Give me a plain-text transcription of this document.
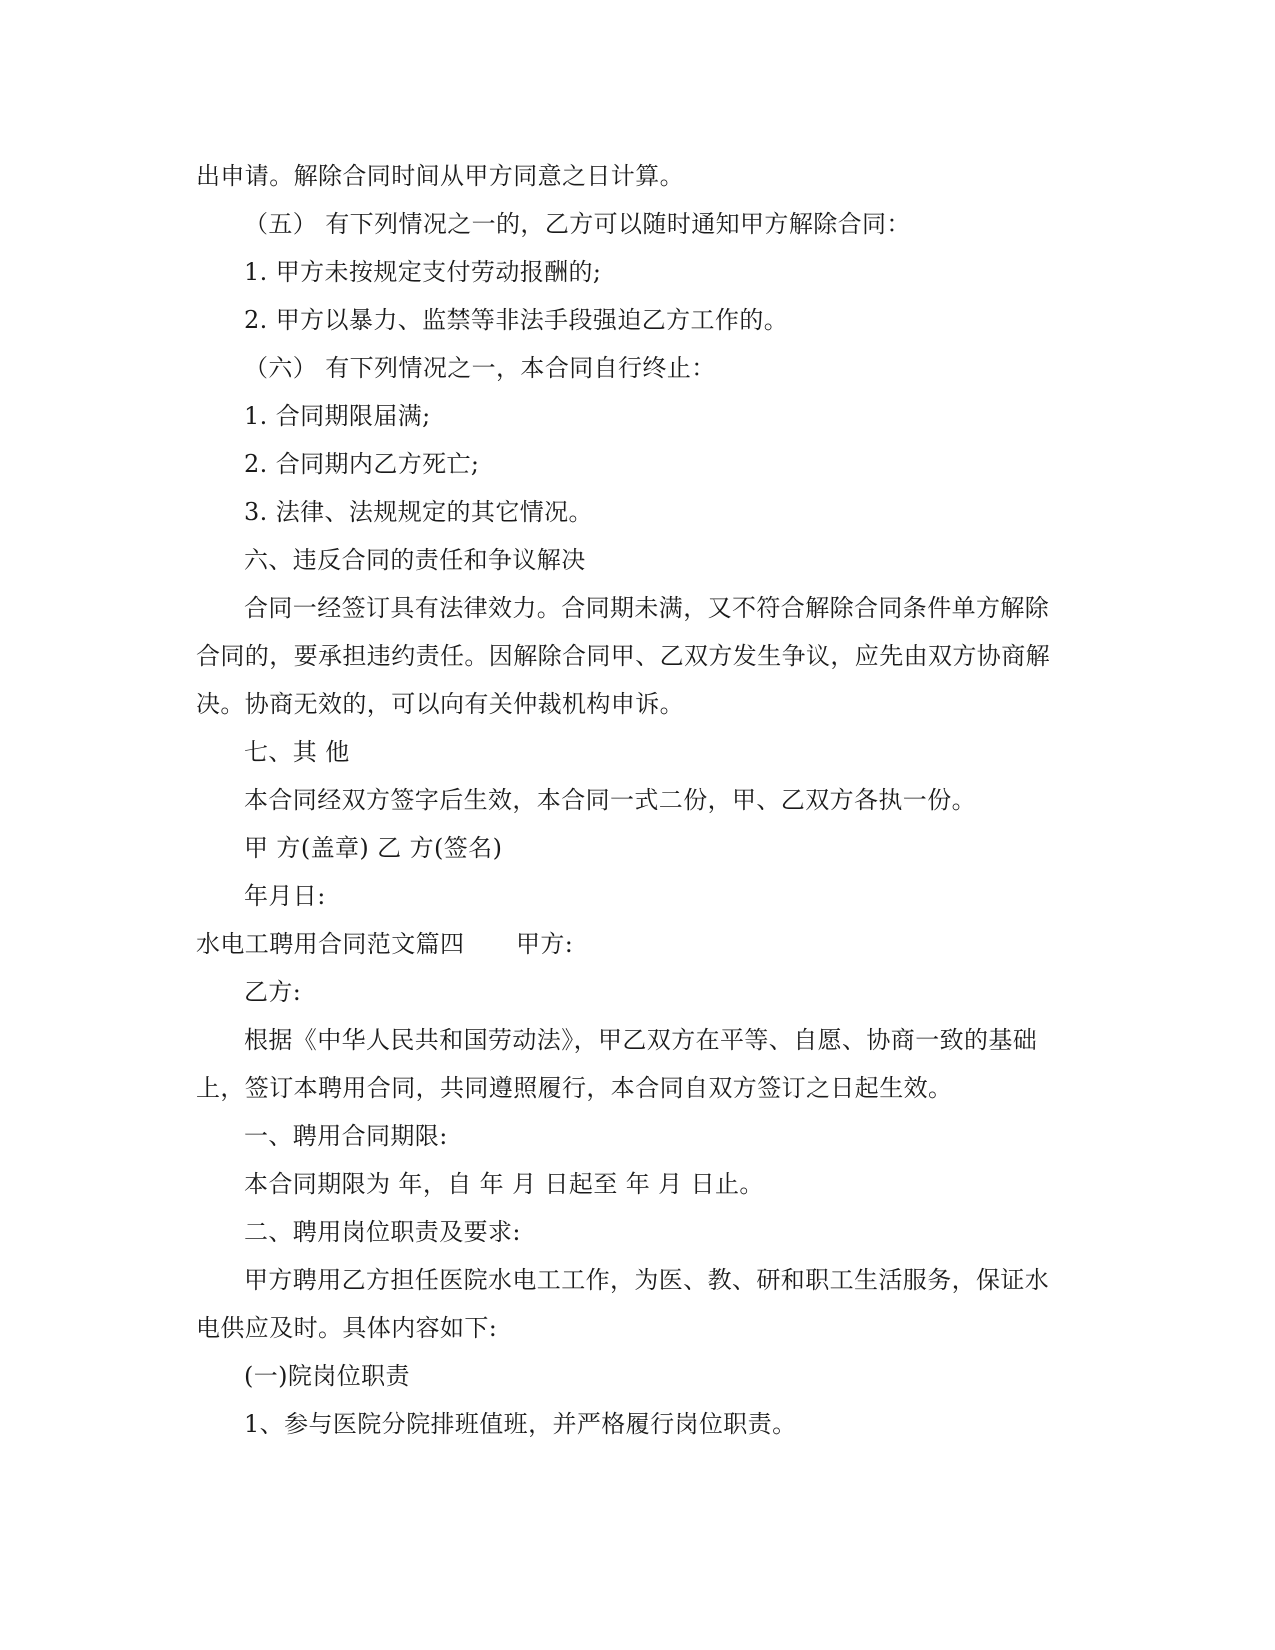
出申请。解除合同时间从甲方同意之日计算。
（五） 有下列情况之一的，乙方可以随时通知甲方解除合同：
1. 甲方未按规定支付劳动报酬的;
2. 甲方以暴力、监禁等非法手段强迫乙方工作的。
（六） 有下列情况之一，本合同自行终止：
1. 合同期限届满;
2. 合同期内乙方死亡;
3. 法律、法规规定的其它情况。
六、违反合同的责任和争议解决
合同一经签订具有法律效力。合同期未满，又不符合解除合同条件单方解除
合同的，要承担违约责任。因解除合同甲、乙双方发生争议，应先由双方协商解
决。协商无效的，可以向有关仲裁机构申诉。
七、其 他
本合同经双方签字后生效，本合同一式二份，甲、乙双方各执一份。
甲 方(盖章) 乙 方(签名)
年月日:
水电工聘用合同范文篇四	甲方:
乙方:
根据《中华人民共和国劳动法》，甲乙双方在平等、自愿、协商一致的基础
上，签订本聘用合同，共同遵照履行，本合同自双方签订之日起生效。
一、聘用合同期限:
本合同期限为 年，自 年 月 日起至 年 月 日止。
二、聘用岗位职责及要求:
甲方聘用乙方担任医院水电工工作，为医、教、研和职工生活服务，保证水
电供应及时。具体内容如下:
(一)院岗位职责
1、参与医院分院排班值班，并严格履行岗位职责。
